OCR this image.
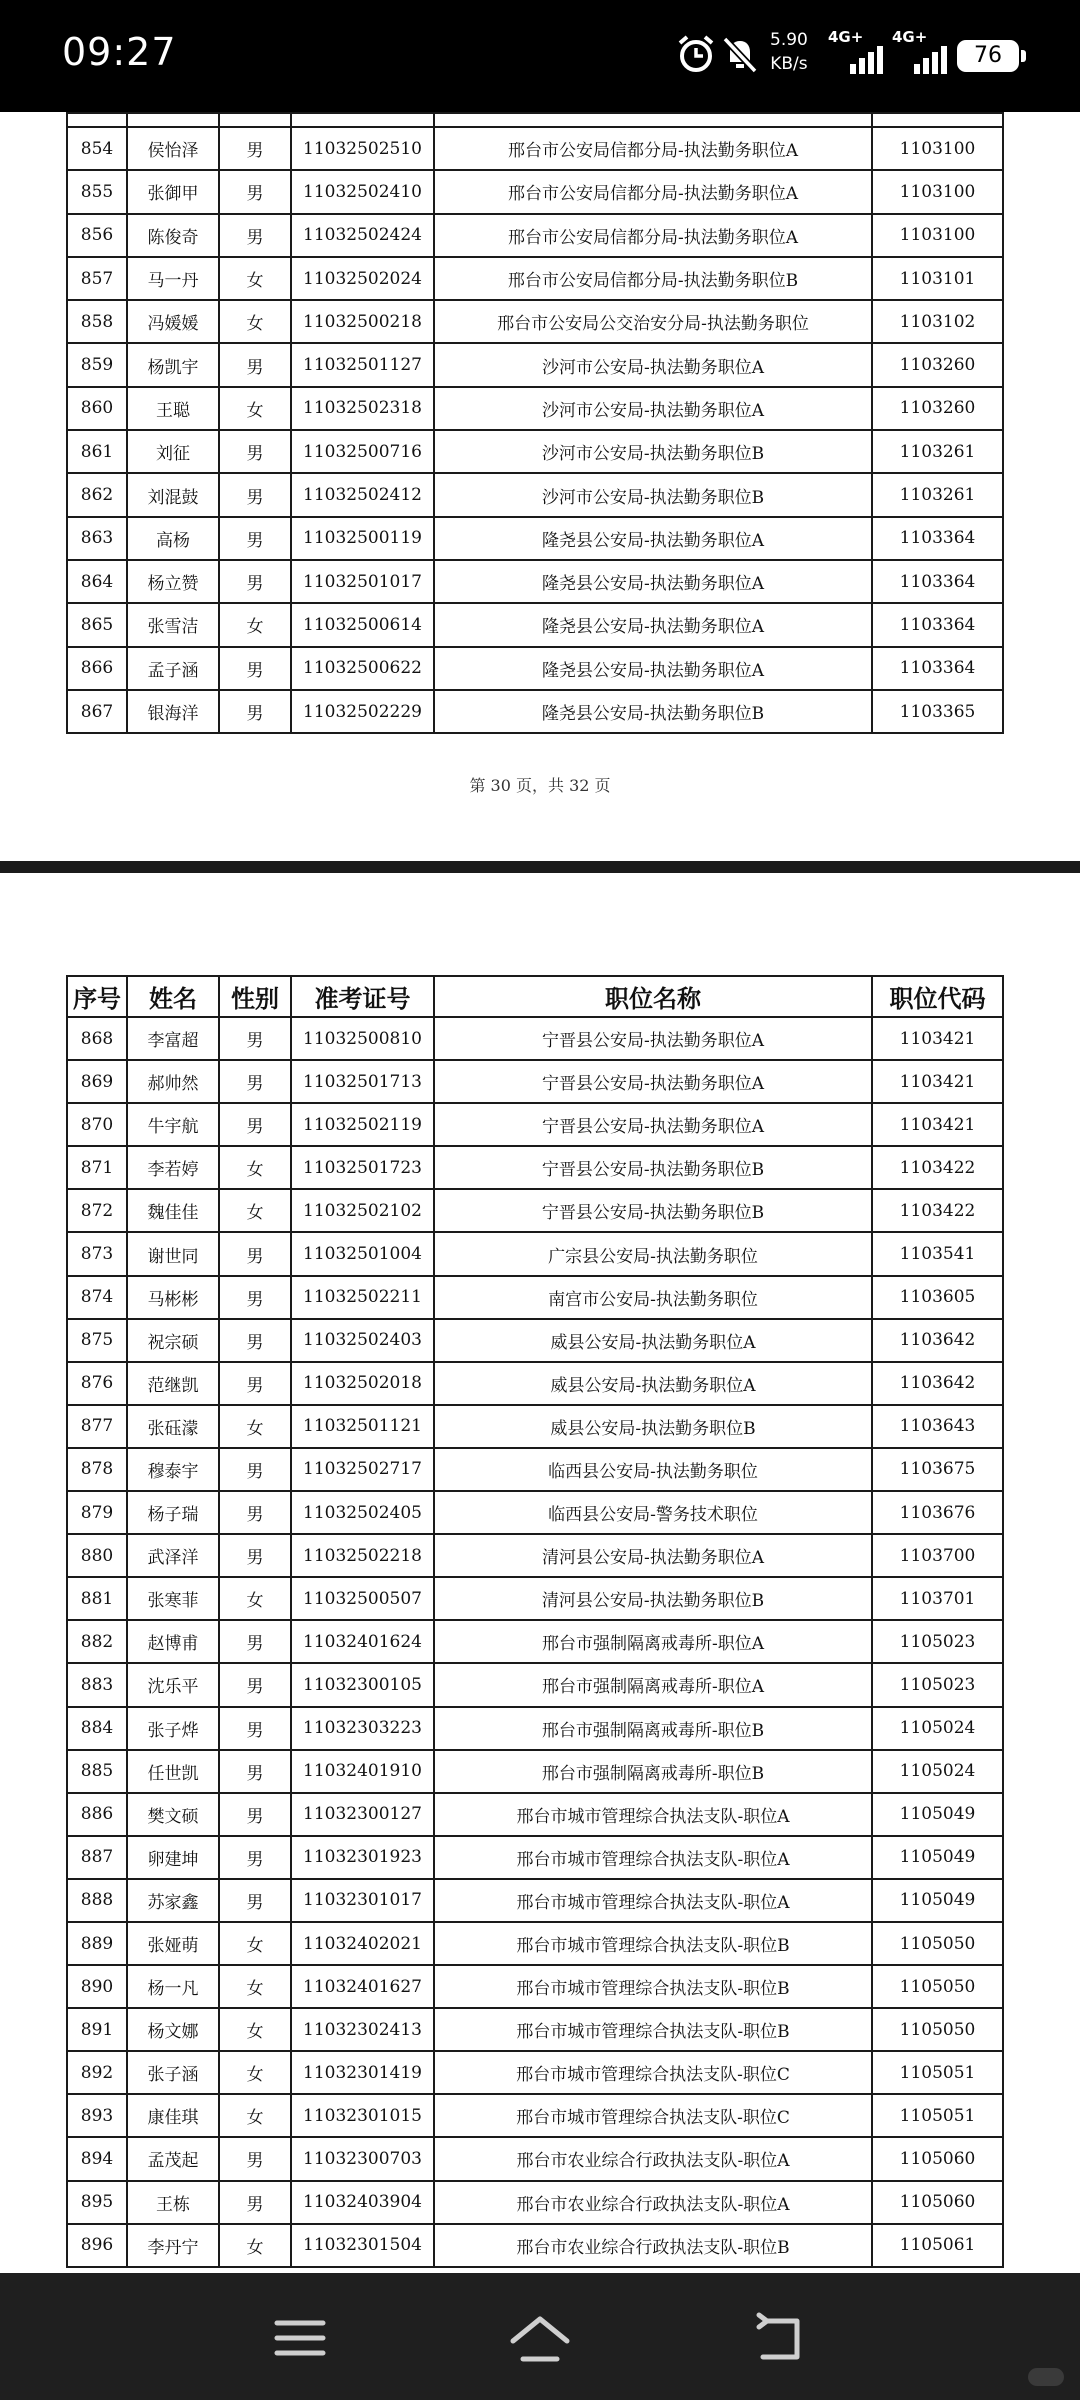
09:27	5.90
KB/s
4G+ 4G+
76

854	侯怡泽	男	11032502510	邢台市公安局信都分局-执法勤务职位A	1103100
855	张御甲	男	11032502410	邢台市公安局信都分局-执法勤务职位A	1103100
856	陈俊奇	男	11032502424	邢台市公安局信都分局-执法勤务职位A	1103100
857	马一丹	女	11032502024	邢台市公安局信都分局-执法勤务职位B	1103101
858	冯媛媛	女	11032500218	邢台市公安局公交治安分局-执法勤务职位	1103102
859	杨凯宇	男	11032501127	沙河市公安局-执法勤务职位A	1103260
860	王聪	女	11032502318	沙河市公安局-执法勤务职位A	1103260
861	刘征	男	11032500716	沙河市公安局-执法勤务职位B	1103261
862	刘混鼓	男	11032502412	沙河市公安局-执法勤务职位B	1103261
863	高杨	男	11032500119	隆尧县公安局-执法勤务职位A	1103364
864	杨立赞	男	11032501017	隆尧县公安局-执法勤务职位A	1103364
865	张雪洁	女	11032500614	隆尧县公安局-执法勤务职位A	1103364
866	孟子涵	男	11032500622	隆尧县公安局-执法勤务职位A	1103364
867	银海洋	男	11032502229	隆尧县公安局-执法勤务职位B	1103365
第 30 页，共 32 页
序号	姓名	性别	准考证号	职位名称	职位代码
868	李富超	男	11032500810	宁晋县公安局-执法勤务职位A	1103421
869	郝帅然	男	11032501713	宁晋县公安局-执法勤务职位A	1103421
870	牛宇航	男	11032502119	宁晋县公安局-执法勤务职位A	1103421
871	李若婷	女	11032501723	宁晋县公安局-执法勤务职位B	1103422
872	魏佳佳	女	11032502102	宁晋县公安局-执法勤务职位B	1103422
873	谢世同	男	11032501004	广宗县公安局-执法勤务职位	1103541
874	马彬彬	男	11032502211	南宫市公安局-执法勤务职位	1103605
875	祝宗硕	男	11032502403	威县公安局-执法勤务职位A	1103642
876	范继凯	男	11032502018	威县公安局-执法勤务职位A	1103642
877	张砡濛	女	11032501121	威县公安局-执法勤务职位B	1103643
878	穆泰宇	男	11032502717	临西县公安局-执法勤务职位	1103675
879	杨子瑞	男	11032502405	临西县公安局-警务技术职位	1103676
880	武泽洋	男	11032502218	清河县公安局-执法勤务职位A	1103700
881	张寒菲	女	11032500507	清河县公安局-执法勤务职位B	1103701
882	赵博甫	男	11032401624	邢台市强制隔离戒毒所-职位A	1105023
883	沈乐平	男	11032300105	邢台市强制隔离戒毒所-职位A	1105023
884	张子烨	男	11032303223	邢台市强制隔离戒毒所-职位B	1105024
885	任世凯	男	11032401910	邢台市强制隔离戒毒所-职位B	1105024
886	樊文硕	男	11032300127	邢台市城市管理综合执法支队-职位A	1105049
887	卵建坤	男	11032301923	邢台市城市管理综合执法支队-职位A	1105049
888	苏家鑫	男	11032301017	邢台市城市管理综合执法支队-职位A	1105049
889	张娅萌	女	11032402021	邢台市城市管理综合执法支队-职位B	1105050
890	杨一凡	女	11032401627	邢台市城市管理综合执法支队-职位B	1105050
891	杨文娜	女	11032302413	邢台市城市管理综合执法支队-职位B	1105050
892	张子涵	女	11032301419	邢台市城市管理综合执法支队-职位C	1105051
893	康佳琪	女	11032301015	邢台市城市管理综合执法支队-职位C	1105051
894	孟茂起	男	11032300703	邢台市农业综合行政执法支队-职位A	1105060
895	王栋	男	11032403904	邢台市农业综合行政执法支队-职位A	1105060
896	李丹宁	女	11032301504	邢台市农业综合行政执法支队-职位B	1105061
